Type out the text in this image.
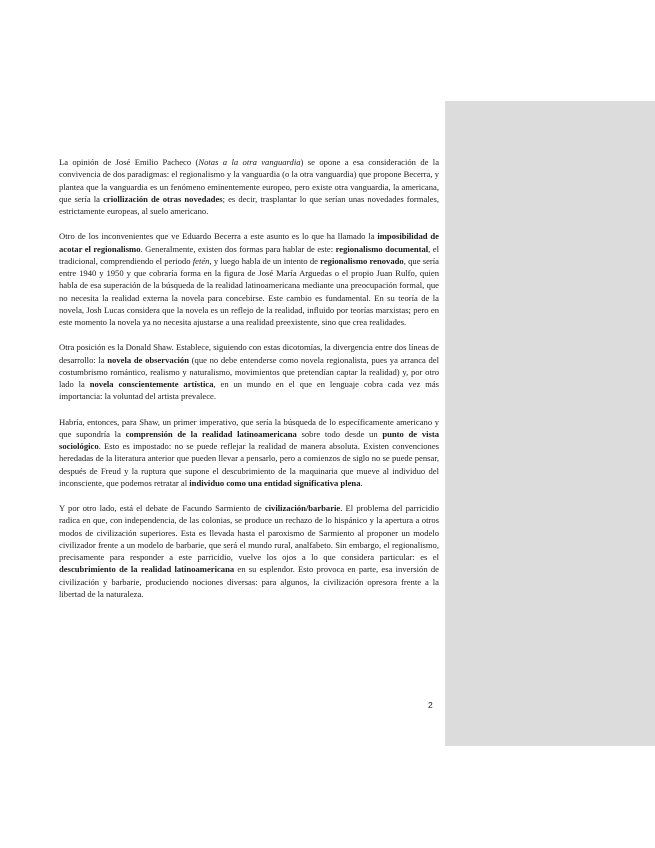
La opinión de José Emilio Pacheco (Notas a la otra vanguardia) se opone a esa consideración de la convivencia de dos paradigmas: el regionalismo y la vanguardia (o la otra vanguardia) que propone Becerra, y plantea que la vanguardia es un fenómeno eminentemente europeo, pero existe otra vanguardia, la americana, que sería la criollización de otras novedades; es decir, trasplantar lo que serían unas novedades formales, estrictamente europeas, al suelo americano.

Otro de los inconvenientes que ve Eduardo Becerra a este asunto es lo que ha llamado la imposibilidad de acotar el regionalismo. Generalmente, existen dos formas para hablar de este: regionalismo documental, el tradicional, comprendiendo el periodo fetén, y luego habla de un intento de regionalismo renovado, que sería entre 1940 y 1950 y que cobraría forma en la figura de José María Arguedas o el propio Juan Rulfo, quien habla de esa superación de la búsqueda de la realidad latinoamericana mediante una preocupación formal, que no necesita la realidad externa la novela para concebirse. Este cambio es fundamental. En su teoría de la novela, Josh Lucas considera que la novela es un reflejo de la realidad, influido por teorías marxistas; pero en este momento la novela ya no necesita ajustarse a una realidad preexistente, sino que crea realidades.

Otra posición es la Donald Shaw. Establece, siguiendo con estas dicotomías, la divergencia entre dos líneas de desarrollo: la novela de observación (que no debe entenderse como novela regionalista, pues ya arranca del costumbrismo romántico, realismo y naturalismo, movimientos que pretendían captar la realidad) y, por otro lado la novela conscientemente artística, en un mundo en el que en lenguaje cobra cada vez más importancia: la voluntad del artista prevalece.

Habría, entonces, para Shaw, un primer imperativo, que sería la búsqueda de lo específicamente americano y que supondría la comprensión de la realidad latinoamericana sobre todo desde un punto de vista sociológico. Esto es impostado: no se puede reflejar la realidad de manera absoluta. Existen convenciones heredadas de la literatura anterior que pueden llevar a pensarlo, pero a comienzos de siglo no se puede pensar, después de Freud y la ruptura que supone el descubrimiento de la maquinaria que mueve al individuo del inconsciente, que podemos retratar al individuo como una entidad significativa plena.

Y por otro lado, está el debate de Facundo Sarmiento de civilización/barbarie. El problema del parricidio radica en que, con independencia, de las colonias, se produce un rechazo de lo hispánico y la apertura a otros modos de civilización superiores. Esta es llevada hasta el paroxismo de Sarmiento al proponer un modelo civilizador frente a un modelo de barbarie, que será el mundo rural, analfabeto. Sin embargo, el regionalismo, precisamente para responder a este parricidio, vuelve los ojos a lo que considera particular: es el descubrimiento de la realidad latinoamericana en su esplendor. Esto provoca en parte, esa inversión de civilización y barbarie, produciendo nociones diversas: para algunos, la civilización opresora frente a la libertad de la naturaleza.

2
